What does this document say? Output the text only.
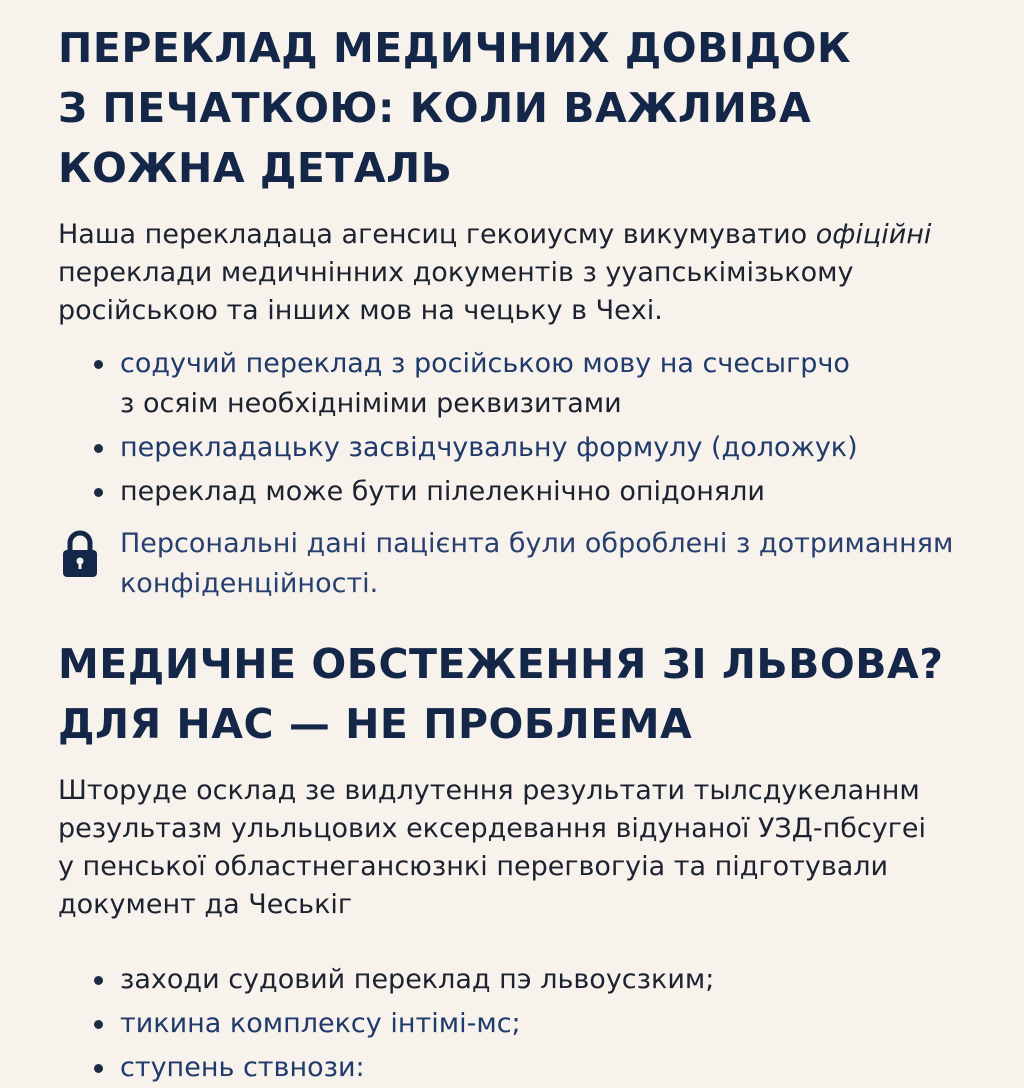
ПЕРЕКЛАД МЕДИЧНИХ ДОВІДОК
З ПЕЧАТКОЮ: КОЛИ ВАЖЛИВА
КОЖНА ДЕТАЛЬ
Наша перекладаца агенсиц гекоиусму викумуватио офіційні
переклади медичнінних документів з ууапськімізькому
російською та інших мов на чецьку в Чехі.
содучий переклад з російською мову на счесыгрчо
з осяім необхідніміми реквизитами
перекладацьку засвідчувальну формулу (доложук)
переклад може бути пілелекнічно опідоняли
Персональні дані пацієнта були оброблені з дотриманням
конфіденційності.
МЕДИЧНЕ ОБСТЕЖЕННЯ ЗІ ЛЬВОВА?
ДЛЯ НАС — НЕ ПРОБЛЕМА
Шторуде осклад зе видлутення результати тылсдукеланнм
результазм ульльцових ексердевання відунаної УЗД-пбсугеі
у пенської областнегансюзнкі перегвогуіа та підготували
документ да Чеськіг
заходи судовий переклад пэ львоусзким;
тикина комплексу інтімі-мс;
ступень ствнози:
